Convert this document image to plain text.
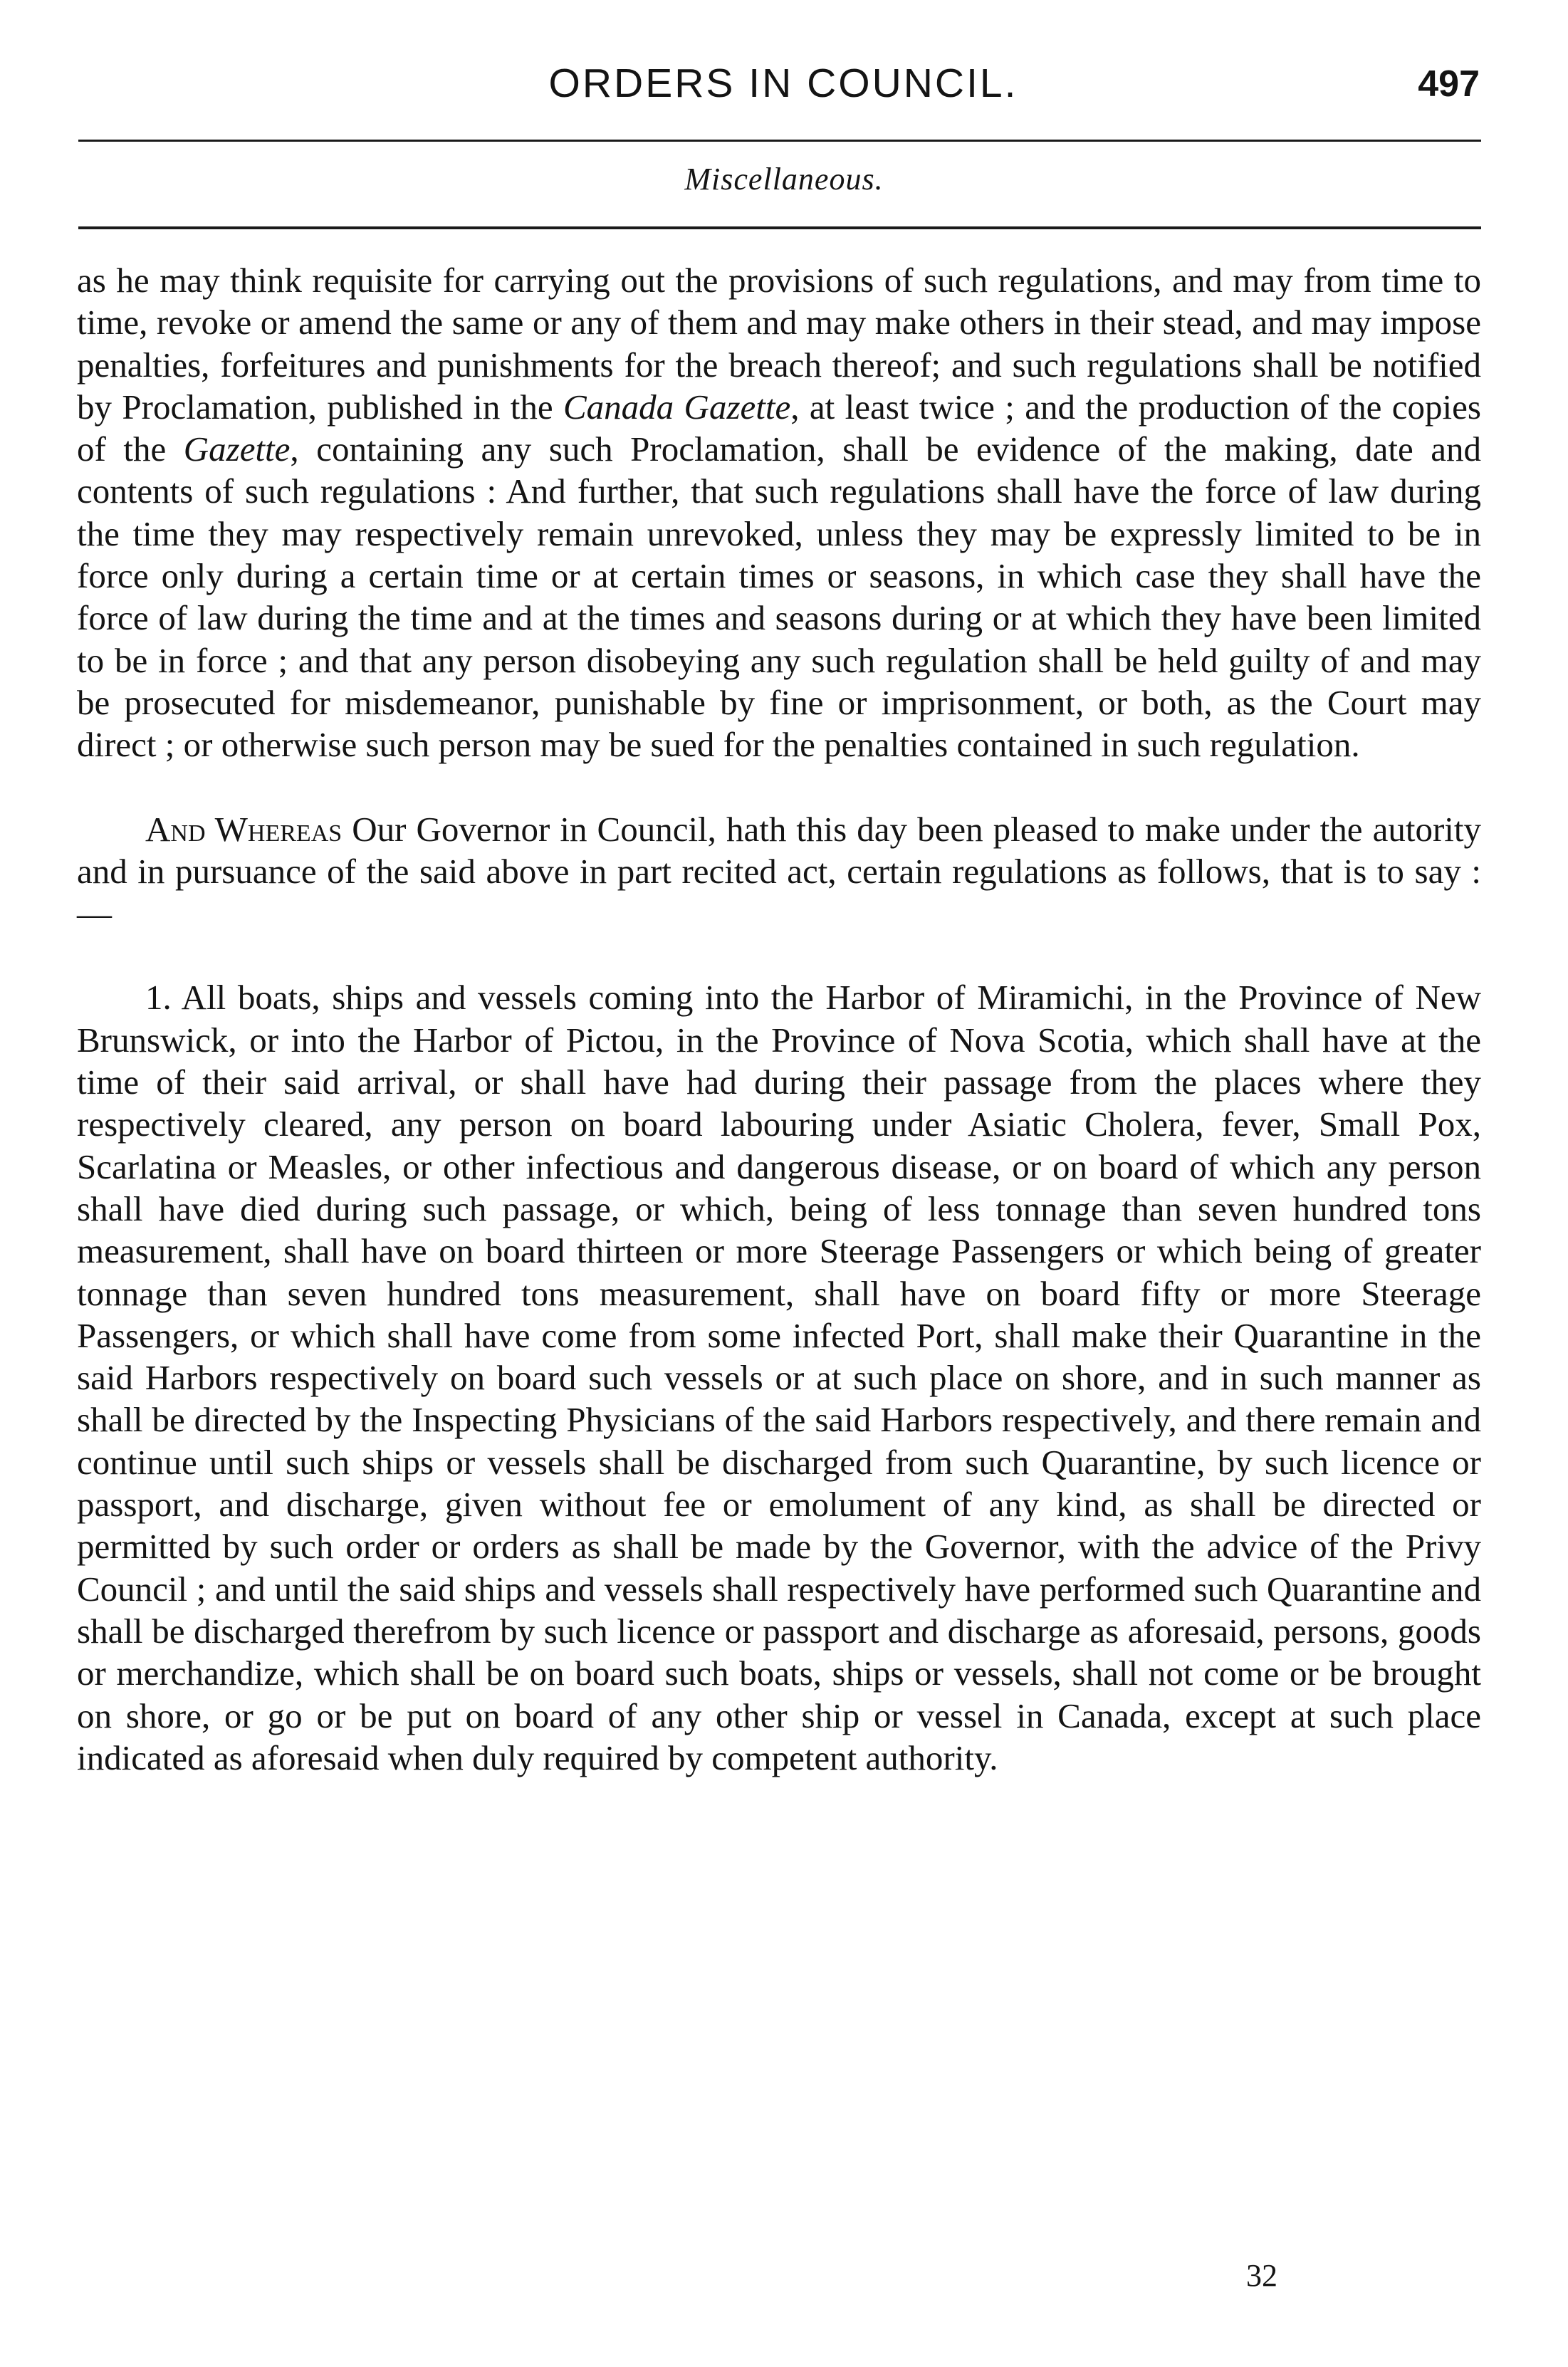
ORDERS IN COUNCIL.	497
Miscellaneous.

as he may think requisite for carrying out the provisions of such regulations, and may from time to time, revoke or amend the same or any of them and may make others in their stead, and may impose penalties, forfeitures and punishments for the breach thereof; and such regulations shall be notified by Proclamation, published in the Canada Gazette, at least twice ; and the production of the copies of the Gazette, containing any such Proclamation, shall be evidence of the making, date and contents of such regulations : And further, that such regulations shall have the force of law during the time they may respectively remain unrevoked, unless they may be expressly limited to be in force only during a certain time or at certain times or seasons, in which case they shall have the force of law during the time and at the times and seasons during or at which they have been limited to be in force ; and that any person disobeying any such regulation shall be held guilty of and may be prosecuted for misdemeanor, punishable by fine or imprisonment, or both, as the Court may direct ; or otherwise such person may be sued for the penalties contained in such regulation.

And Whereas Our Governor in Council, hath this day been pleased to make under the autority and in pursuance of the said above in part recited act, certain regulations as follows, that is to say :—

1. All boats, ships and vessels coming into the Harbor of Miramichi, in the Province of New Brunswick, or into the Harbor of Pictou, in the Province of Nova Scotia, which shall have at the time of their said arrival, or shall have had during their passage from the places where they respectively cleared, any person on board labouring under Asiatic Cholera, fever, Small Pox, Scarlatina or Measles, or other infectious and dangerous disease, or on board of which any person shall have died during such passage, or which, being of less tonnage than seven hundred tons measurement, shall have on board thirteen or more Steerage Passengers or which being of greater tonnage than seven hundred tons measurement, shall have on board fifty or more Steerage Passengers, or which shall have come from some infected Port, shall make their Quarantine in the said Harbors respectively on board such vessels or at such place on shore, and in such manner as shall be directed by the Inspecting Physicians of the said Harbors respectively, and there remain and continue until such ships or vessels shall be discharged from such Quarantine, by such licence or passport, and discharge, given without fee or emolument of any kind, as shall be directed or permitted by such order or orders as shall be made by the Governor, with the advice of the Privy Council ; and until the said ships and vessels shall respectively have performed such Quarantine and shall be discharged therefrom by such licence or passport and discharge as aforesaid, persons, goods or merchandize, which shall be on board such boats, ships or vessels, shall not come or be brought on shore, or go or be put on board of any other ship or vessel in Canada, except at such place indicated as aforesaid when duly required by competent authority.

32
